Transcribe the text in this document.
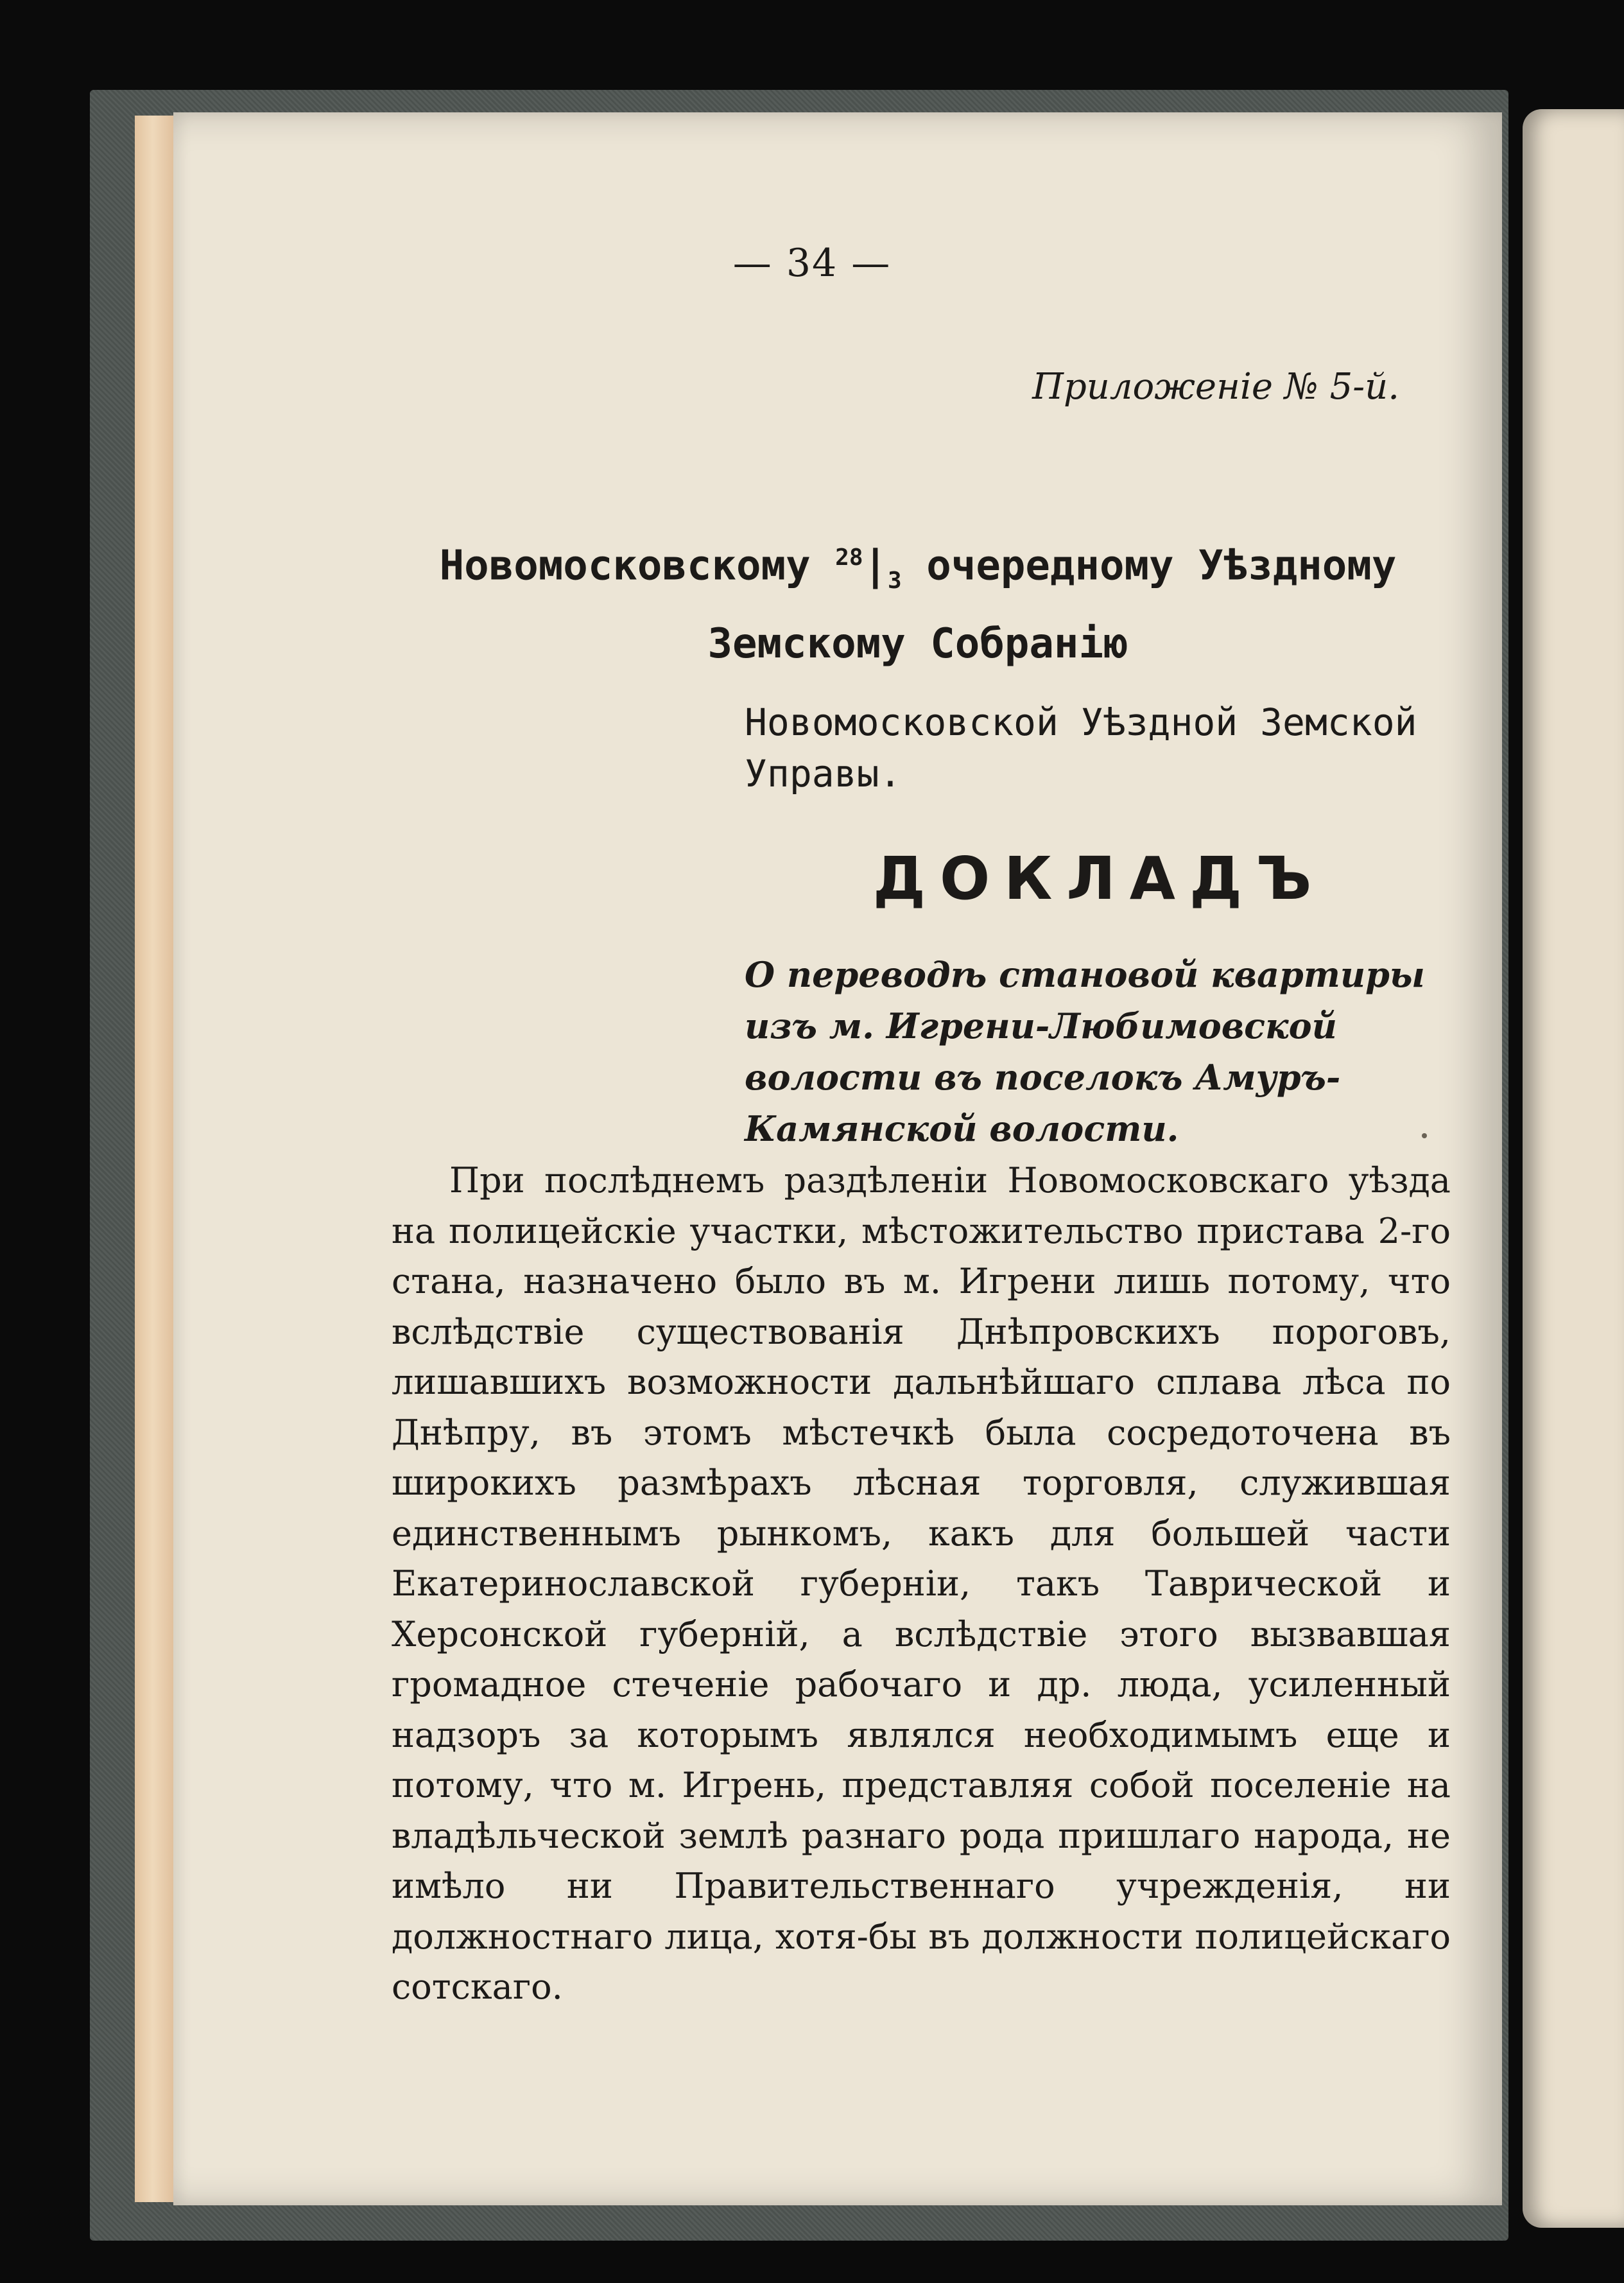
— 34 —
Приложеніе № 5-й.
Новомосковскому $^{28}|_3$ очередному Уѣздному Земскому Собранію
Новомосковской Уѣздной Земской Управы.
ДОКЛАДЪ
О переводѣ становой квартиры изъ м. Игрени-Любимовской волости въ поселокъ Амуръ-Камянской волости.
При послѣднемъ раздѣленіи Новомосковскаго уѣзда на полицейскіе участки, мѣстожительство пристава 2-го стана, назначено было въ м. Игрени лишь потому, что вслѣдствіе существованія Днѣпровскихъ пороговъ, лишавшихъ возможности дальнѣйшаго сплава лѣса по Днѣпру, въ этомъ мѣстечкѣ была сосредоточена въ широкихъ размѣрахъ лѣсная торговля, служившая единственнымъ рынкомъ, какъ для большей части Екатеринославской губерніи, такъ Таврической и Херсонской губерній, а вслѣдствіе этого вызвавшая громадное стеченіе рабочаго и др. люда, усиленный надзоръ за которымъ являлся необходимымъ еще и потому, что м. Игрень, представляя собой поселеніе на владѣльческой землѣ разнаго рода пришлаго народа, не имѣло ни Правительственнаго учрежденія, ни должностнаго лица, хотя-бы въ должности полицейскаго сотскаго.
